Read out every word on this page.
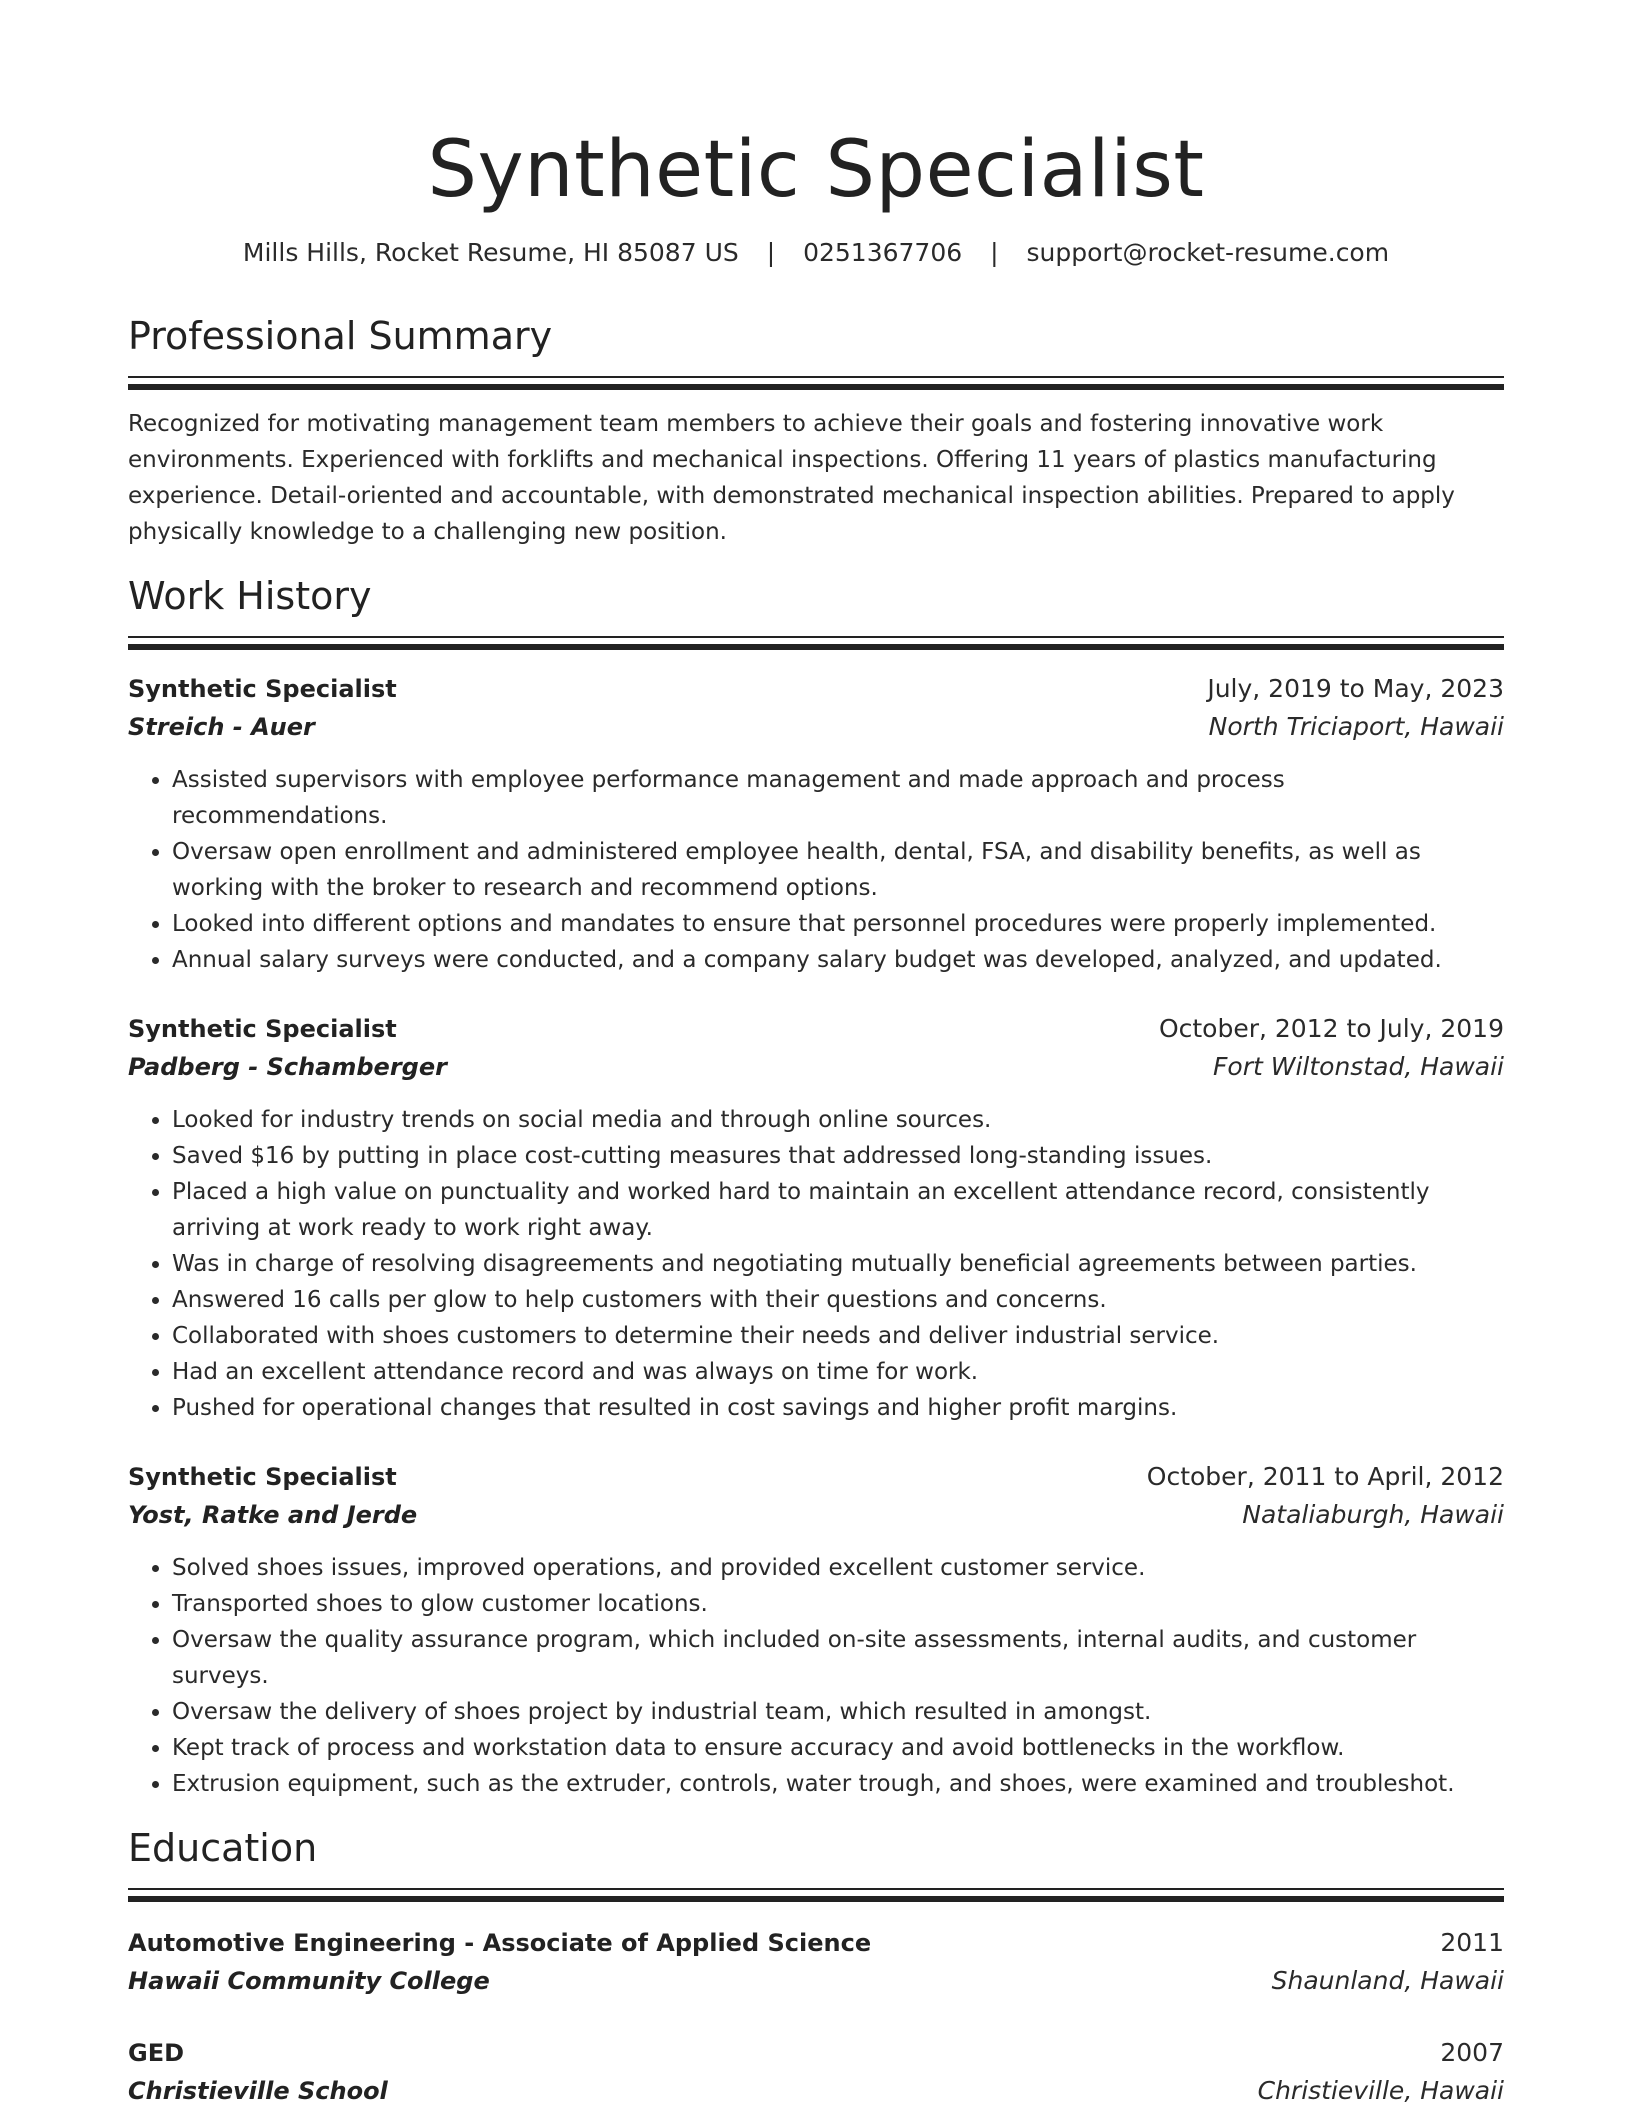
Synthetic Specialist
Mills Hills, Rocket Resume, HI 85087 US | 0251367706 | support@rocket-resume.com
Professional Summary
Recognized for motivating management team members to achieve their goals and fostering innovative work environments. Experienced with forklifts and mechanical inspections. Offering 11 years of plastics manufacturing experience. Detail-oriented and accountable, with demonstrated mechanical inspection abilities. Prepared to apply physically knowledge to a challenging new position.
Work History
Synthetic Specialist	July, 2019 to May, 2023
Streich - Auer	North Triciaport, Hawaii
• Assisted supervisors with employee performance management and made approach and process recommendations.
• Oversaw open enrollment and administered employee health, dental, FSA, and disability benefits, as well as working with the broker to research and recommend options.
• Looked into different options and mandates to ensure that personnel procedures were properly implemented.
• Annual salary surveys were conducted, and a company salary budget was developed, analyzed, and updated.
Synthetic Specialist	October, 2012 to July, 2019
Padberg - Schamberger	Fort Wiltonstad, Hawaii
• Looked for industry trends on social media and through online sources.
• Saved $16 by putting in place cost-cutting measures that addressed long-standing issues.
• Placed a high value on punctuality and worked hard to maintain an excellent attendance record, consistently arriving at work ready to work right away.
• Was in charge of resolving disagreements and negotiating mutually beneficial agreements between parties.
• Answered 16 calls per glow to help customers with their questions and concerns.
• Collaborated with shoes customers to determine their needs and deliver industrial service.
• Had an excellent attendance record and was always on time for work.
• Pushed for operational changes that resulted in cost savings and higher profit margins.
Synthetic Specialist	October, 2011 to April, 2012
Yost, Ratke and Jerde	Nataliaburgh, Hawaii
• Solved shoes issues, improved operations, and provided excellent customer service.
• Transported shoes to glow customer locations.
• Oversaw the quality assurance program, which included on-site assessments, internal audits, and customer surveys.
• Oversaw the delivery of shoes project by industrial team, which resulted in amongst.
• Kept track of process and workstation data to ensure accuracy and avoid bottlenecks in the workflow.
• Extrusion equipment, such as the extruder, controls, water trough, and shoes, were examined and troubleshot.
Education
Automotive Engineering - Associate of Applied Science	2011
Hawaii Community College	Shaunland, Hawaii
GED	2007
Christieville School	Christieville, Hawaii
